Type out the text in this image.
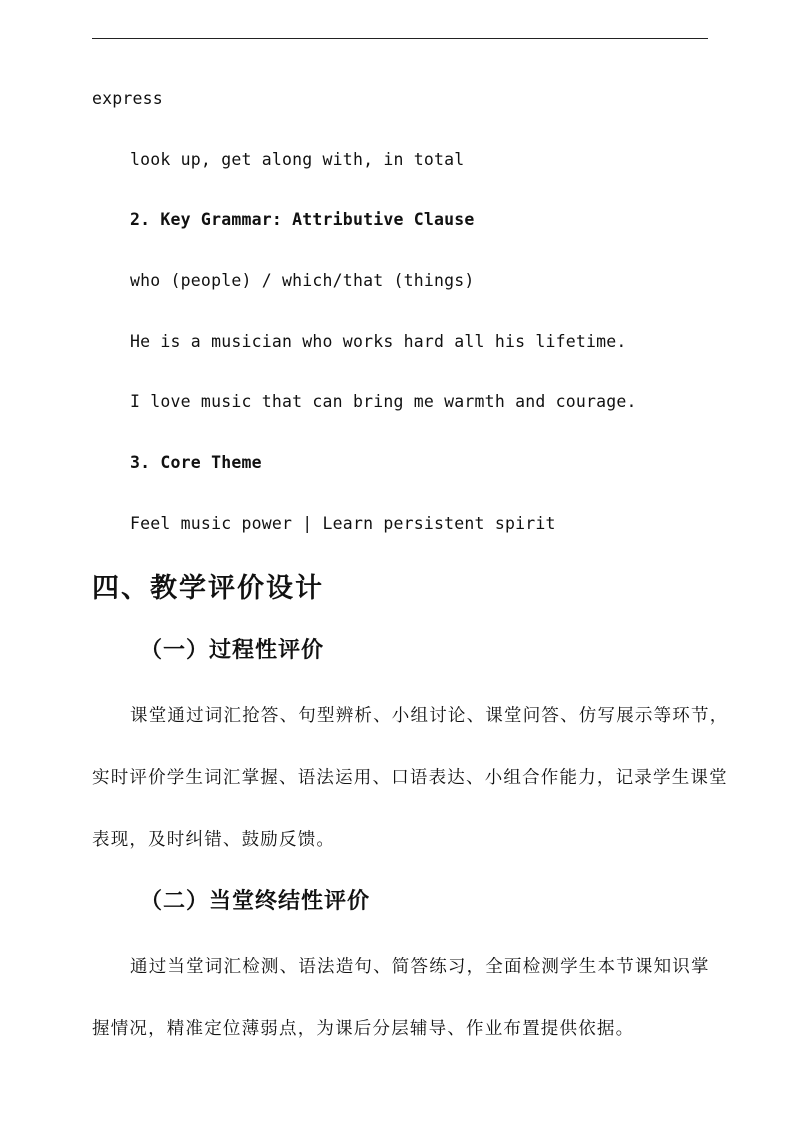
express
look up, get along with, in total
2. Key Grammar: Attributive Clause
who (people) / which/that (things)
He is a musician who works hard all his lifetime.
I love music that can bring me warmth and courage.
3. Core Theme
Feel music power | Learn persistent spirit
四、教学评价设计
（一）过程性评价
课堂通过词汇抢答、句型辨析、小组讨论、课堂问答、仿写展示等环节，
实时评价学生词汇掌握、语法运用、口语表达、小组合作能力，记录学生课堂
表现，及时纠错、鼓励反馈。
（二）当堂终结性评价
通过当堂词汇检测、语法造句、简答练习，全面检测学生本节课知识掌
握情况，精准定位薄弱点，为课后分层辅导、作业布置提供依据。
